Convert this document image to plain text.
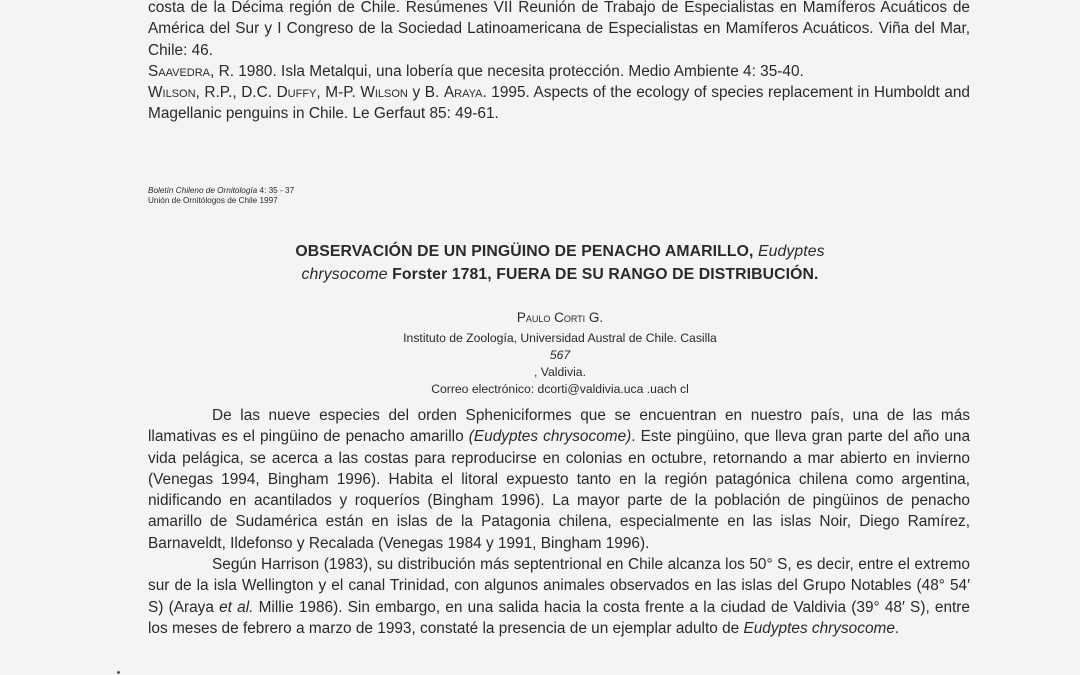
costa de la Décima región de Chile. Resúmenes VII Reunión de Trabajo de Especialistas en Mamíferos Acuáticos de América del Sur y I Congreso de la Sociedad Latinoamericana de Especialistas en Mamíferos Acuáticos. Viña del Mar, Chile: 46.

Saavedra, R. 1980. Isla Metalqui, una lobería que necesita protección. Medio Ambiente 4: 35-40.

Wilson, R.P., D.C. Duffy, M-P. Wilson y B. Araya. 1995. Aspects of the ecology of species replacement in Humboldt and Magellanic penguins in Chile. Le Gerfaut 85: 49-61.

Boletín Chileno de Ornitología 4: 35 - 37
Unión de Ornitólogos de Chile 1997
OBSERVACIÓN DE UN PINGÜINO DE PENACHO AMARILLO, Eudyptes
chrysocome Forster 1781, FUERA DE SU RANGO DE DISTRIBUCIÓN.
Paulo Corti G.
Instituto de Zoología, Universidad Austral de Chile. Casilla
567
, Valdivia.
Correo electrónico: dcorti@valdivia.uca .uach cl

De las nueve especies del orden Spheniciformes que se encuentran en nuestro país, una de las más llamativas es el pingüino de penacho amarillo (Eudyptes chrysocome). Este pingüino, que lleva gran parte del año una vida pelágica, se acerca a las costas para reproducirse en colonias en octubre, retornando a mar abierto en invierno (Venegas 1994, Bingham 1996). Habita el litoral expuesto tanto en la región patagónica chilena como argentina, nidificando en acantilados y roqueríos (Bingham 1996). La mayor parte de la población de pingüinos de penacho amarillo de Sudamérica están en islas de la Patagonia chilena, especialmente en las islas Noir, Diego Ramírez, Barnaveldt, Ildefonso y Recalada (Venegas 1984 y 1991, Bingham 1996).

Según Harrison (1983), su distribución más septentrional en Chile alcanza los 50° S, es decir, entre el extremo sur de la isla Wellington y el canal Trinidad, con algunos animales observados en las islas del Grupo Notables (48° 54′ S) (Araya et al. Millie 1986). Sin embargo, en una salida hacia la costa frente a la ciudad de Valdivia (39° 48′ S), entre los meses de febrero a marzo de 1993, constaté la presencia de un ejemplar adulto de Eudyptes chrysocome.
